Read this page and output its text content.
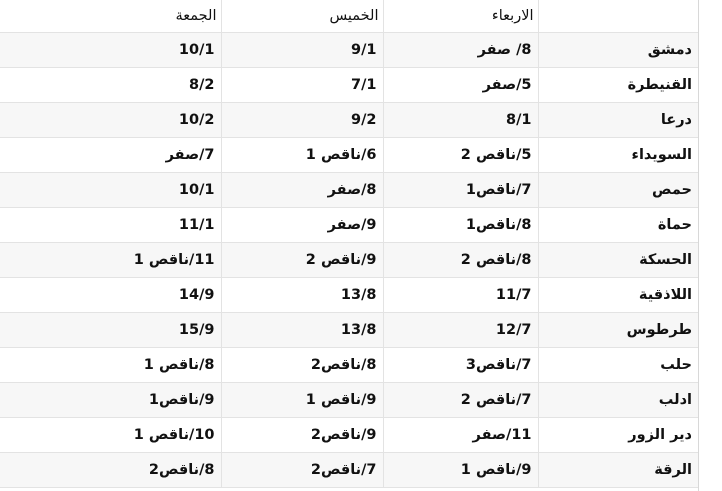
	الاربعاء	الخميس	الجمعة
دمشق	8/ صفر	9/1	10/1
القنيطرة	5/صفر	7/1	8/2
درعا	8/1	9/2	10/2
السويداء	5/ناقص 2	6/ناقص 1	7/صفر
حمص	7/ناقص1	8/صفر	10/1
حماة	8/ناقص1	9/صفر	11/1
الحسكة	8/ناقص 2	9/ناقص 2	11/ناقص 1
اللاذقية	11/7	13/8	14/9
طرطوس	12/7	13/8	15/9
حلب	7/ناقص3	8/ناقص2	8/ناقص 1
ادلب	7/ناقص 2	9/ناقص 1	9/ناقص1
دير الزور	11/صفر	9/ناقص2	10/ناقص 1
الرقة	9/ناقص 1	7/ناقص2	8/ناقص2
